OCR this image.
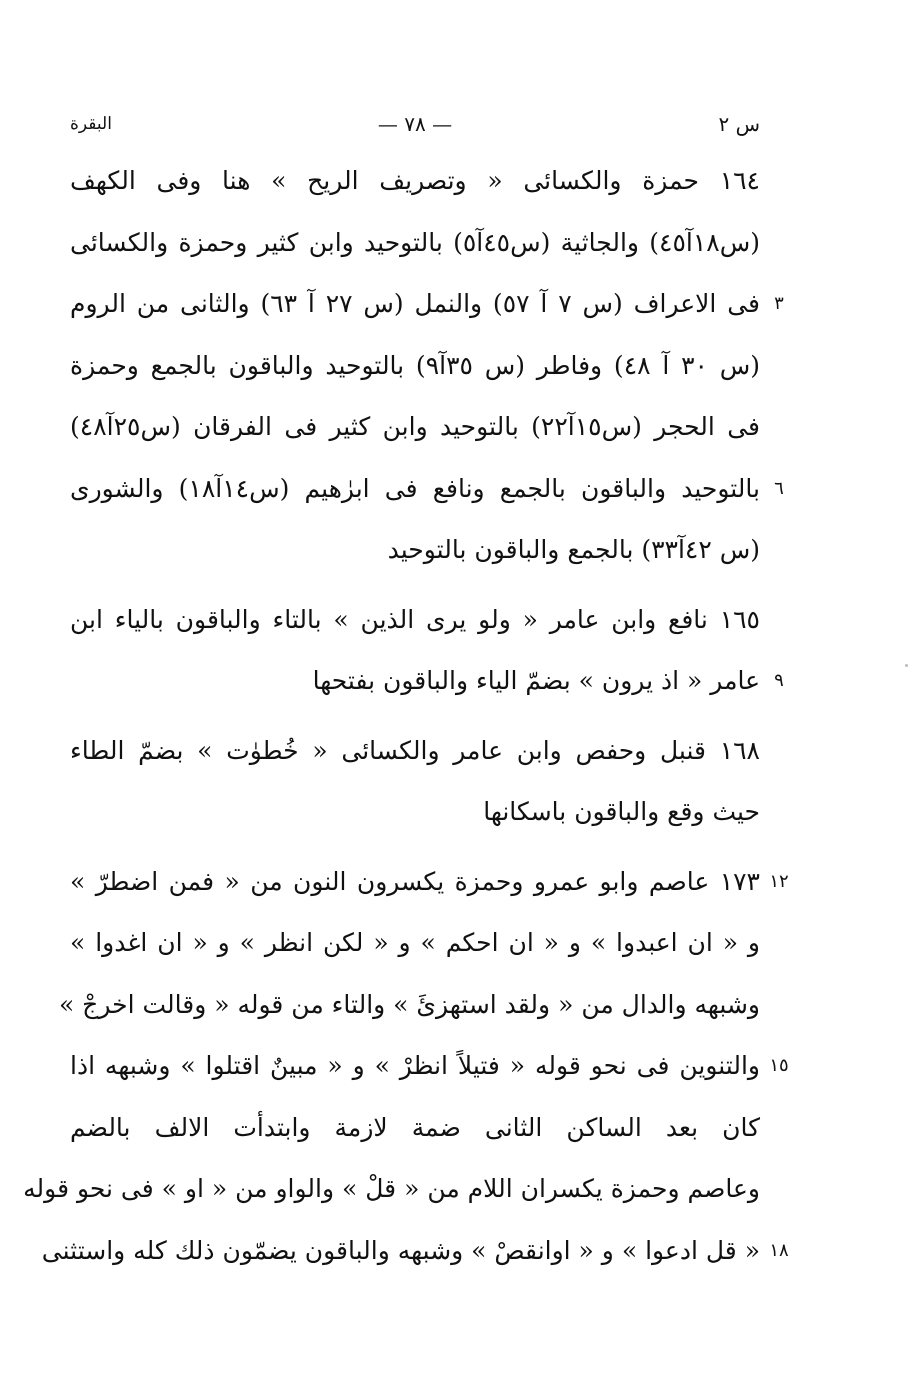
س ٢
— ٧٨ —
البقرة
١٦٤ حمزة والكسائى « وتصريف الريح » هنا وفى الكهف
(س١٨آ٤٥) والجاثية (س٤٥آ٥) بالتوحيد وابن كثير وحمزة والكسائى
فى الاعراف (س ٧ آ ٥٧) والنمل (س ٢٧ آ ٦٣) والثانى من الروم ٣
(س ٣٠ آ ٤٨) وفاطر (س ٣٥آ٩) بالتوحيد والباقون بالجمع وحمزة
فى الحجر (س١٥آ٢٢) بالتوحيد وابن كثير فى الفرقان (س٢٥آ٤٨)
بالتوحيد والباقون بالجمع ونافع فى ابرٰهيم (س١٤آ١٨) والشورى ٦
(س ٤٢آ٣٣) بالجمع والباقون بالتوحيد
١٦٥ نافع وابن عامر « ولو يرى الذين » بالتاء والباقون بالياء ابن
عامر « اذ يرون » بضمّ الياء والباقون بفتحها ٩
١٦٨ قنبل وحفص وابن عامر والكسائى « خُطوٰت » بضمّ الطاء
حيث وقع والباقون باسكانها
١٧٣ عاصم وابو عمرو وحمزة يكسرون النون من « فمن اضطرّ » ١٢
و « ان اعبدوا » و « ان احكم » و « لكن انظر » و « ان اغدوا »
وشبهه والدال من « ولقد استهزئَ » والتاء من قوله « وقالت اخرجْ »
والتنوين فى نحو قوله « فتيلاً انظرْ » و « مبينٌ اقتلوا » وشبهه اذا ١٥
كان بعد الساكن الثانى ضمة لازمة وابتدأت الالف بالضم
وعاصم وحمزة يكسران اللام من « قلْ » والواو من « او » فى نحو قوله
« قل ادعوا » و « اوانقصْ » وشبهه والباقون يضمّون ذلك كله واستثنى ١٨
